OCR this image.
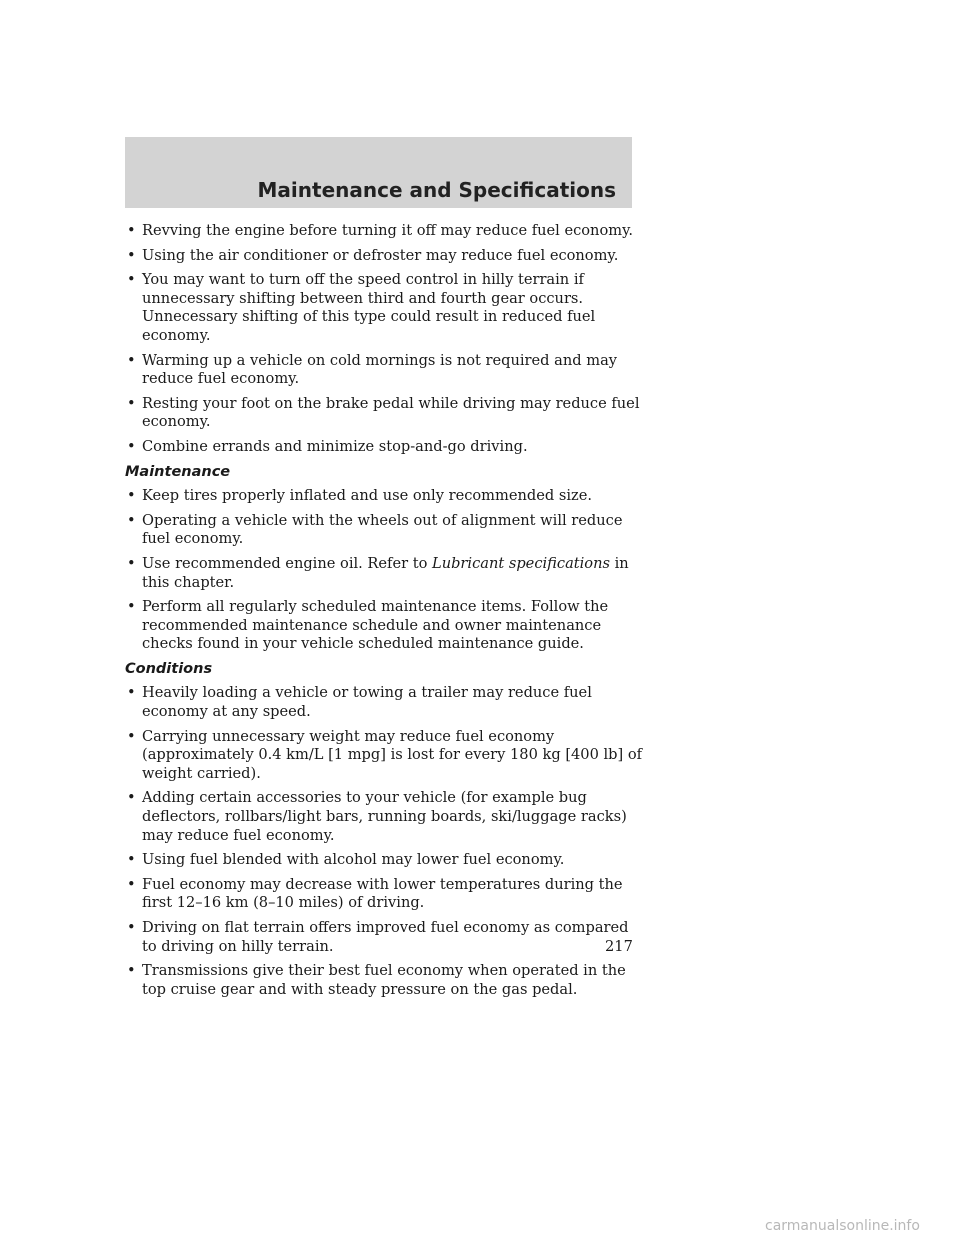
Maintenance and Specifications
• Revving the engine before turning it off may reduce fuel economy.
• Using the air conditioner or defroster may reduce fuel economy.
• You may want to turn off the speed control in hilly terrain if unnecessary shifting between third and fourth gear occurs. Unnecessary shifting of this type could result in reduced fuel economy.
• Warming up a vehicle on cold mornings is not required and may reduce fuel economy.
• Resting your foot on the brake pedal while driving may reduce fuel economy.
• Combine errands and minimize stop-and-go driving.
Maintenance
• Keep tires properly inflated and use only recommended size.
• Operating a vehicle with the wheels out of alignment will reduce fuel economy.
• Use recommended engine oil. Refer to Lubricant specifications in this chapter.
• Perform all regularly scheduled maintenance items. Follow the recommended maintenance schedule and owner maintenance checks found in your vehicle scheduled maintenance guide.
Conditions
• Heavily loading a vehicle or towing a trailer may reduce fuel economy at any speed.
• Carrying unnecessary weight may reduce fuel economy (approximately 0.4 km/L [1 mpg] is lost for every 180 kg [400 lb] of weight carried).
• Adding certain accessories to your vehicle (for example bug deflectors, rollbars/light bars, running boards, ski/luggage racks) may reduce fuel economy.
• Using fuel blended with alcohol may lower fuel economy.
• Fuel economy may decrease with lower temperatures during the first 12–16 km (8–10 miles) of driving.
• Driving on flat terrain offers improved fuel economy as compared to driving on hilly terrain.
• Transmissions give their best fuel economy when operated in the top cruise gear and with steady pressure on the gas pedal.
217
carmanualsonline.info
